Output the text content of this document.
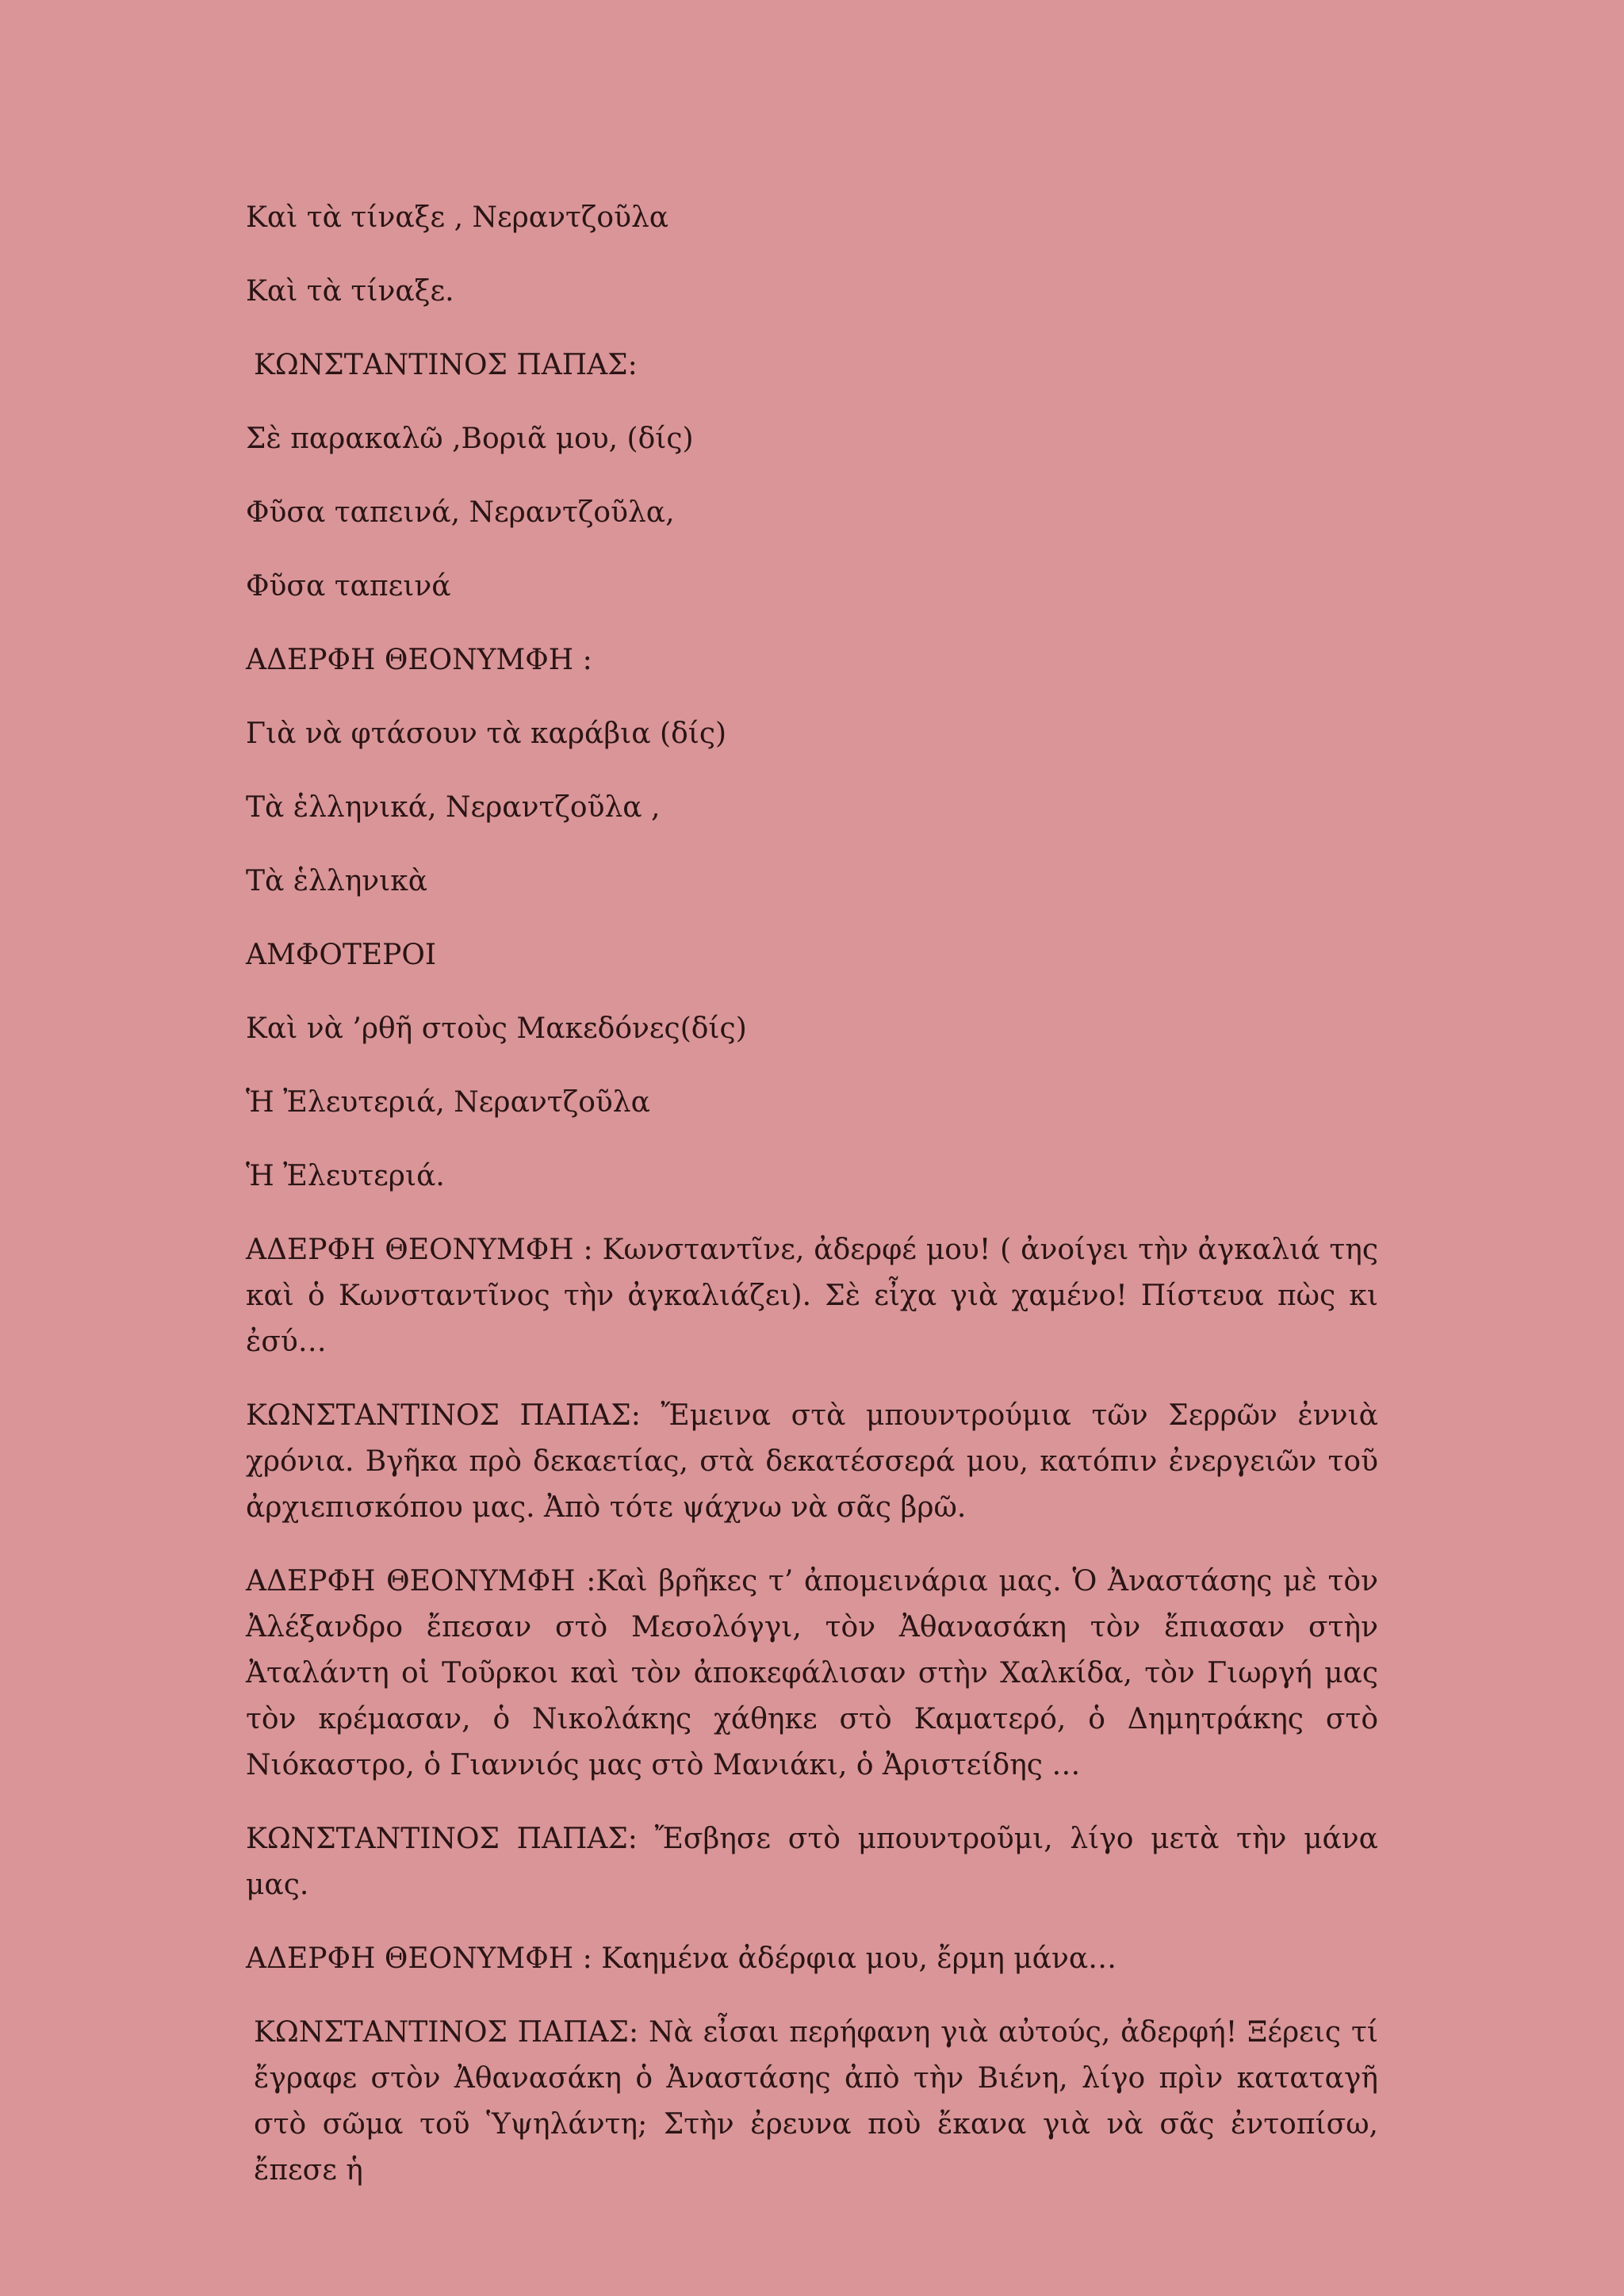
Καὶ τὰ τίναξε , Νεραντζοῦλα
Καὶ τὰ τίναξε.
ΚΩΝΣΤΑΝΤΙΝΟΣ ΠΑΠΑΣ:
Σὲ παρακαλῶ ,Βοριᾶ μου, (δίς)
Φῦσα ταπεινά, Νεραντζοῦλα,
Φῦσα ταπεινά
ΑΔΕΡΦΗ ΘΕΟΝΥΜΦΗ :
Γιὰ νὰ φτάσουν τὰ καράβια (δίς)
Τὰ ἑλληνικά, Νεραντζοῦλα ,
Τὰ ἑλληνικὰ
ΑΜΦΟΤΕΡΟΙ
Καὶ νὰ ’ρθῆ στοὺς Μακεδόνες(δίς)
Ἡ Ἐλευτεριά, Νεραντζοῦλα
Ἡ Ἐλευτεριά.
ΑΔΕΡΦΗ ΘΕΟΝΥΜΦΗ : Κωνσταντῖνε, ἀδερφέ μου! ( ἀνοίγει τὴν ἀγκαλιά της καὶ ὁ Κωνσταντῖνος τὴν ἀγκαλιάζει). Σὲ εἶχα γιὰ χαμένο! Πίστευα πὼς κι ἐσύ…
ΚΩΝΣΤΑΝΤΙΝΟΣ ΠΑΠΑΣ: Ἔμεινα στὰ μπουντρούμια τῶν Σερρῶν ἐννιὰ χρόνια. Βγῆκα πρὸ δεκαετίας, στὰ δεκατέσσερά μου, κατόπιν ἐνεργειῶν τοῦ ἀρχιεπισκόπου μας. Ἀπὸ τότε ψάχνω νὰ σᾶς βρῶ.
ΑΔΕΡΦΗ ΘΕΟΝΥΜΦΗ :Καὶ βρῆκες τ’ ἀπομεινάρια μας. Ὁ Ἀναστάσης μὲ τὸν Ἀλέξανδρο ἔπεσαν στὸ Μεσολόγγι, τὸν Ἀθανασάκη τὸν ἔπιασαν στὴν Ἀταλάντη οἱ Τοῦρκοι καὶ τὸν ἀποκεφάλισαν στὴν Χαλκίδα, τὸν Γιωργή μας τὸν κρέμασαν, ὁ Νικολάκης χάθηκε στὸ Καματερό, ὁ Δημητράκης στὸ Νιόκαστρο, ὁ Γιαννιός μας στὸ Μανιάκι, ὁ Ἀριστείδης …
ΚΩΝΣΤΑΝΤΙΝΟΣ ΠΑΠΑΣ: Ἔσβησε στὸ μπουντροῦμι, λίγο μετὰ τὴν μάνα μας.
ΑΔΕΡΦΗ ΘΕΟΝΥΜΦΗ : Καημένα ἀδέρφια μου, ἔρμη μάνα…
ΚΩΝΣΤΑΝΤΙΝΟΣ ΠΑΠΑΣ: Νὰ εἶσαι περήφανη γιὰ αὐτούς, ἀδερφή! Ξέρεις τί ἔγραφε στὸν Ἀθανασάκη ὁ Ἀναστάσης ἀπὸ τὴν Βιένη, λίγο πρὶν καταταγῆ στὸ σῶμα τοῦ Ὑψηλάντη; Στὴν ἐρευνα ποὺ ἔκανα γιὰ νὰ σᾶς ἐντοπίσω, ἔπεσε ἡ
